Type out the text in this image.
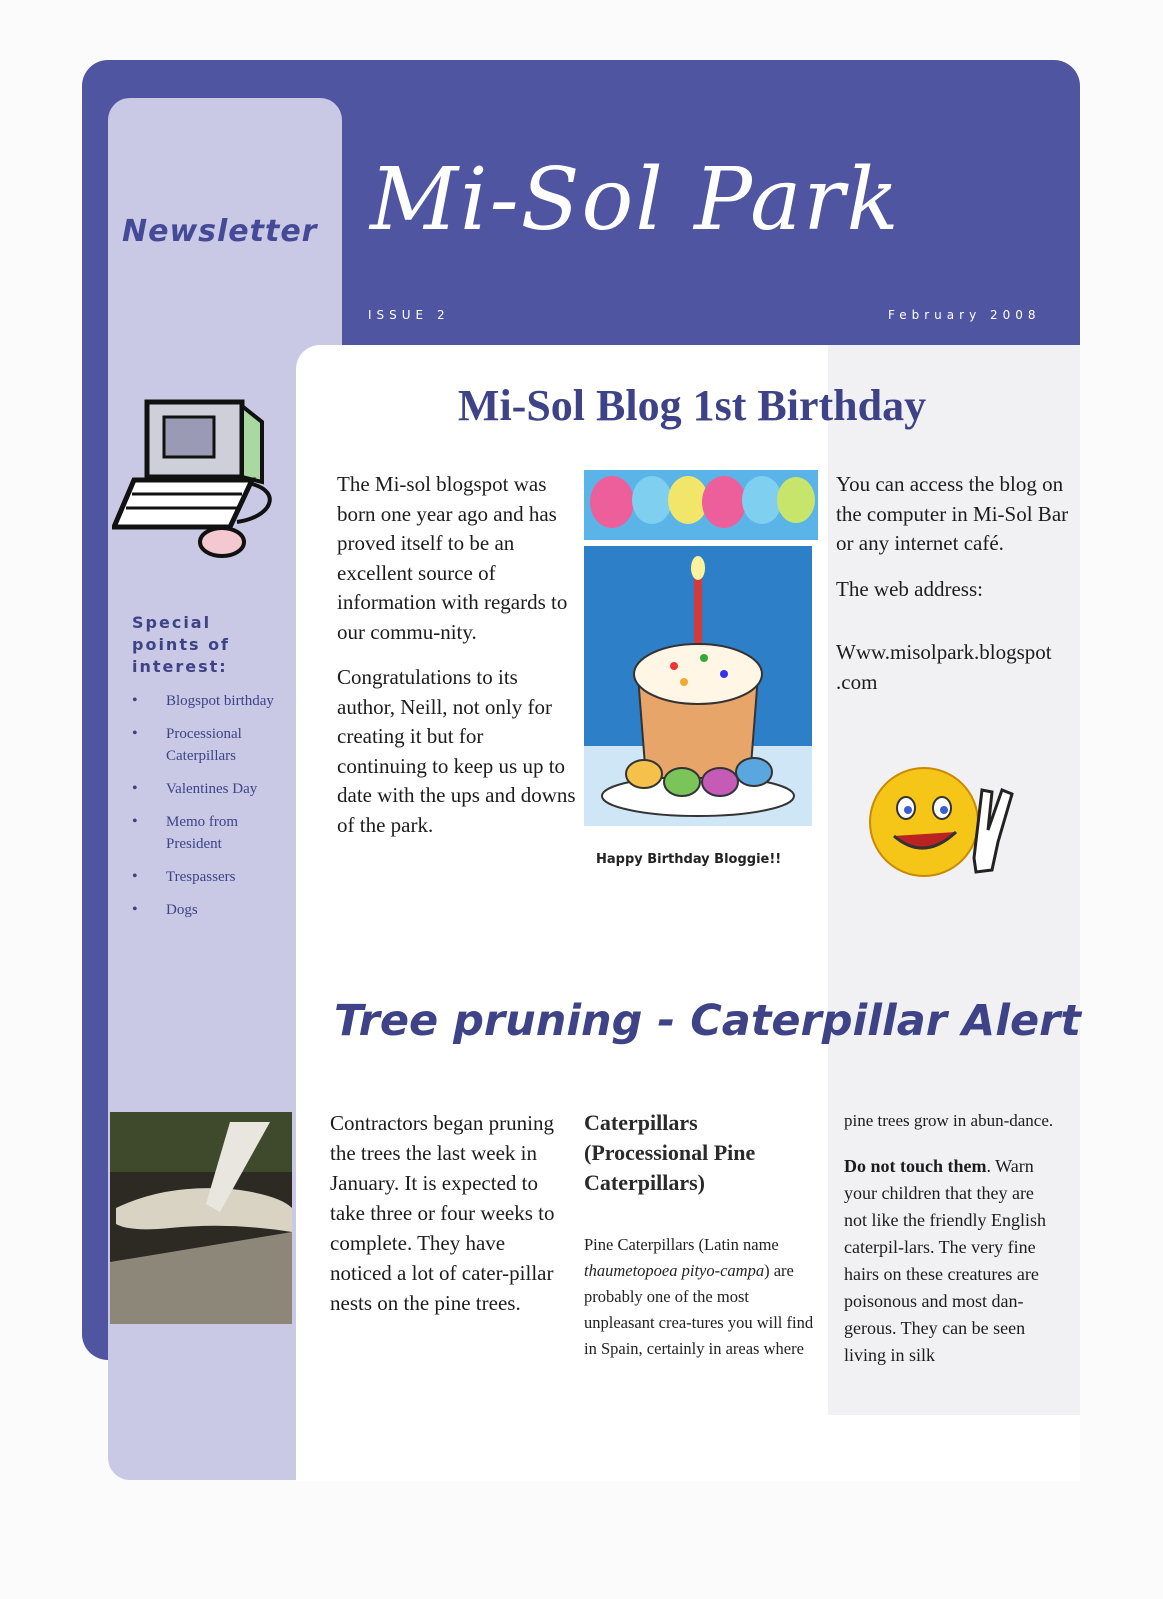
Newsletter Mi-Sol Park
ISSUE 2	February 2008
Special points of interest:
• Blogspot birthday
• Processional Caterpillars
• Valentines Day
• Memo from President
• Trespassers
• Dogs
Mi-Sol Blog 1st Birthday

The Mi-sol blogspot was born one year ago and has proved itself to be an excellent source of information with regards to our commu-nity.

Congratulations to its author, Neill, not only for creating it but for continuing to keep us up to date with the ups and downs of the park.

Happy Birthday Bloggie!!

You can access the blog on the computer in Mi-Sol Bar or any internet café.

The web address:

Www.misolpark.blogspot .com

Tree pruning - Caterpillar Alert
Contractors began pruning the trees the last week in January. It is expected to take three or four weeks to complete. They have noticed a lot of cater-pillar nests on the pine trees.
Caterpillars (Processional Pine Caterpillars)
Pine Caterpillars (Latin name thaumetopoea pityo-campa) are probably one of the most unpleasant crea-tures you will find in Spain, certainly in areas where

pine trees grow in abun-dance.

Do not touch them. Warn your children that they are not like the friendly English caterpil-lars. The very fine hairs on these creatures are poisonous and most dan-gerous. They can be seen living in silk
